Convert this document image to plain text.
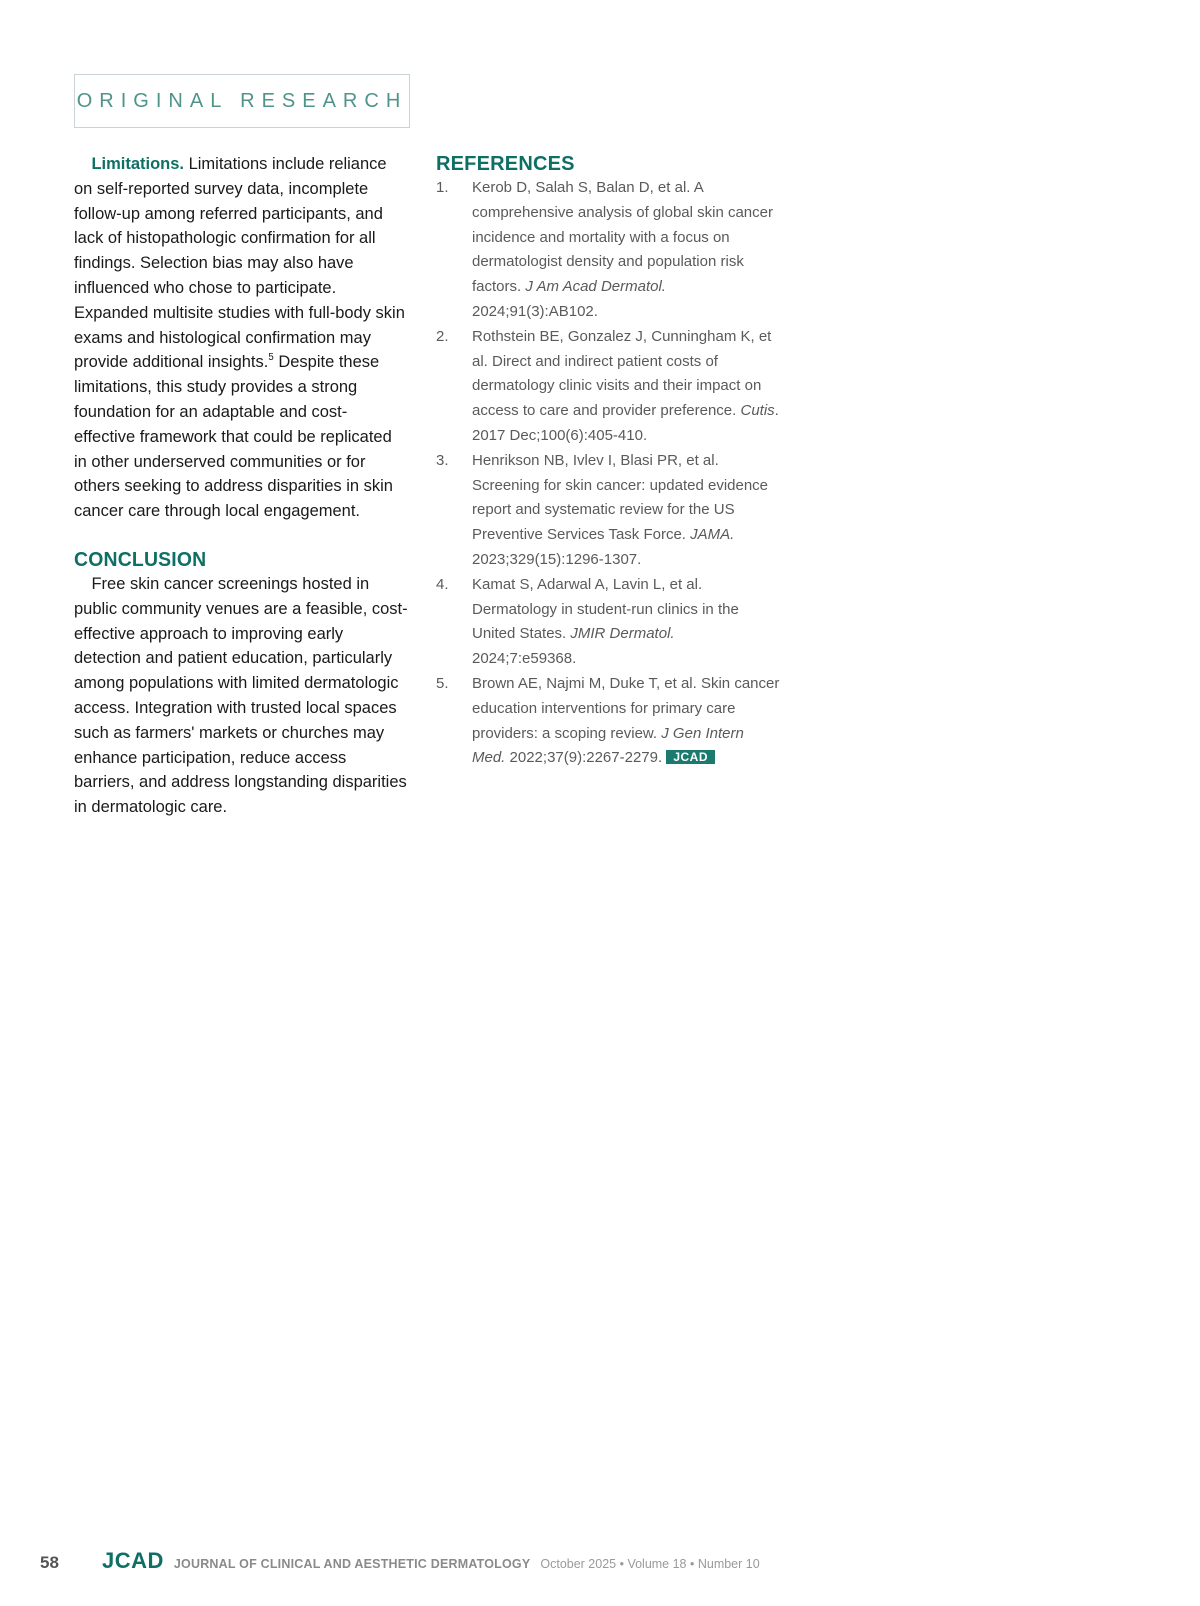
ORIGINAL RESEARCH

Limitations. Limitations include reliance on self-reported survey data, incomplete follow-up among referred participants, and lack of histopathologic confirmation for all findings. Selection bias may also have influenced who chose to participate. Expanded multisite studies with full-body skin exams and histological confirmation may provide additional insights.$^5$ Despite these limitations, this study provides a strong foundation for an adaptable and cost-effective framework that could be replicated in other underserved communities or for others seeking to address disparities in skin cancer care through local engagement.

CONCLUSION

Free skin cancer screenings hosted in public community venues are a feasible, cost-effective approach to improving early detection and patient education, particularly among populations with limited dermatologic access. Integration with trusted local spaces such as farmers' markets or churches may enhance participation, reduce access barriers, and address longstanding disparities in dermatologic care.

REFERENCES
1.	Kerob D, Salah S, Balan D, et al. A comprehensive analysis of global skin cancer incidence and mortality with a focus on dermatologist density and population risk factors. J Am Acad Dermatol. 2024;91(3):AB102.
2.	Rothstein BE, Gonzalez J, Cunningham K, et al. Direct and indirect patient costs of dermatology clinic visits and their impact on access to care and provider preference. Cutis. 2017 Dec;100(6):405-410.
3.	Henrikson NB, Ivlev I, Blasi PR, et al. Screening for skin cancer: updated evidence report and systematic review for the US Preventive Services Task Force. JAMA. 2023;329(15):1296-1307.
4.	Kamat S, Adarwal A, Lavin L, et al. Dermatology in student-run clinics in the United States. JMIR Dermatol. 2024;7:e59368.
5.	Brown AE, Najmi M, Duke T, et al. Skin cancer education interventions for primary care providers: a scoping review. J Gen Intern Med. 2022;37(9):2267-2279. JCAD
58	JCAD JOURNAL OF CLINICAL AND AESTHETIC DERMATOLOGY October 2025 • Volume 18 • Number 10
